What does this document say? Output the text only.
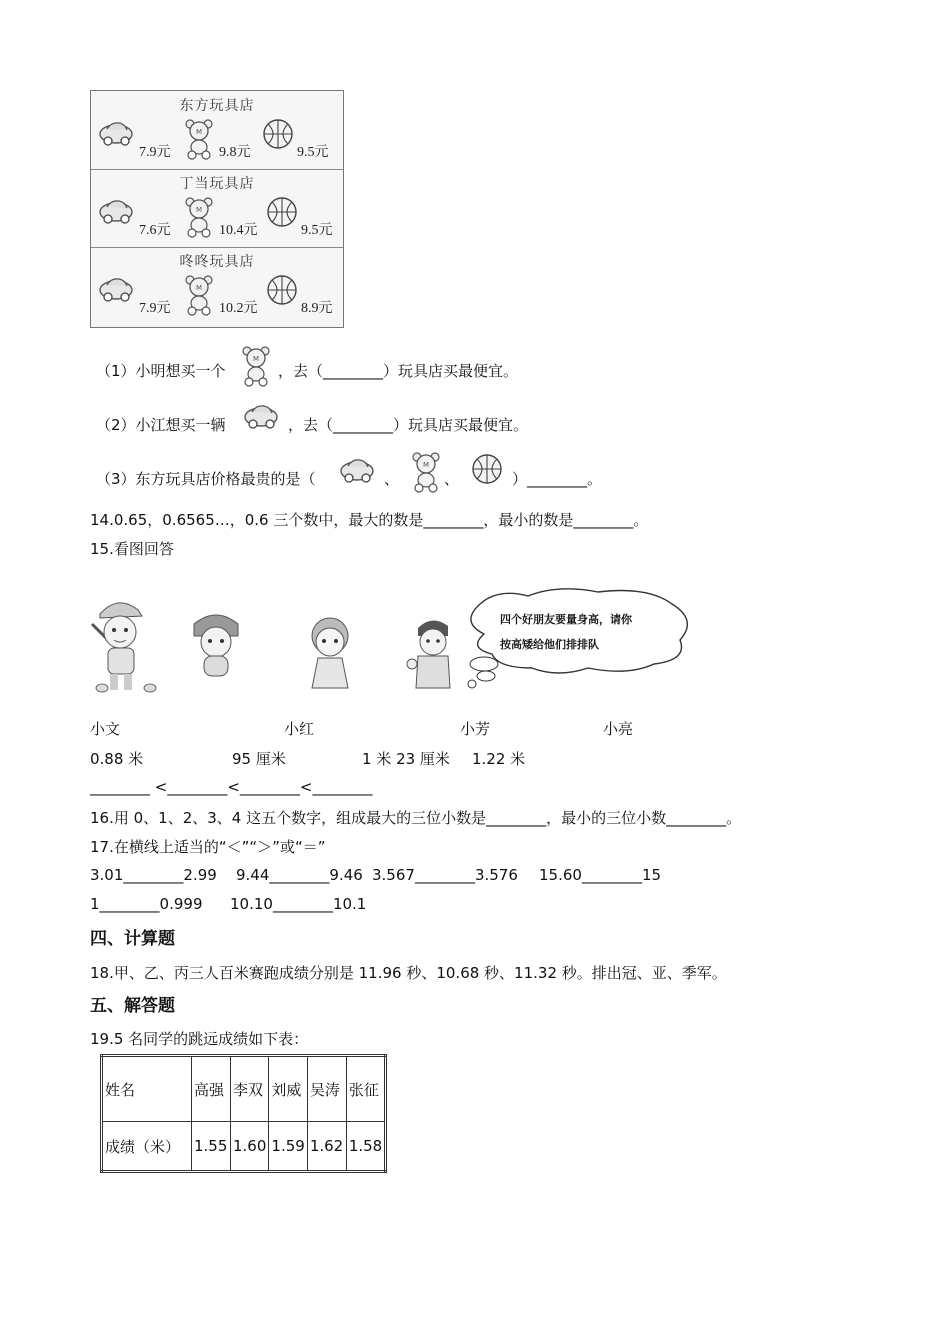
东方玩具店
7.9元	9.8元	9.5元
丁当玩具店
7.6元	10.4元	9.5元
咚咚玩具店
7.9元	10.2元	8.9元
（1）小明想买一个	，去（________）玩具店买最便宜。
（2）小江想买一辆	，去（________）玩具店买最便宜。
（3）东方玩具店价格最贵的是（	、	、	）________。
14.0.65，0.6565…，0.6 三个数中，最大的数是________，最小的数是________。
15.看图回答
四个好朋友要量身高，请你
按高矮给他们排排队
小文	小红	小芳	小亮
0.88 米	95 厘米	1 米 23 厘米 1.22 米
________ <________<________<________
16.用 0、1、2、3、4 这五个数字，组成最大的三位小数是________，最小的三位小数________。
17.在横线上适当的“＜”“＞”或“＝”
3.01________2.99 9.44________9.46 3.567________3.576 15.60________15
1________0.999 10.10________10.1
四、计算题
18.甲、乙、丙三人百米赛跑成绩分别是 11.96 秒、10.68 秒、11.32 秒。排出冠、亚、季军。
五、解答题
19.5 名同学的跳远成绩如下表：
姓名	高强	李双	刘威	吴涛	张征
成绩（米）	1.55	1.60	1.59	1.62	1.58
